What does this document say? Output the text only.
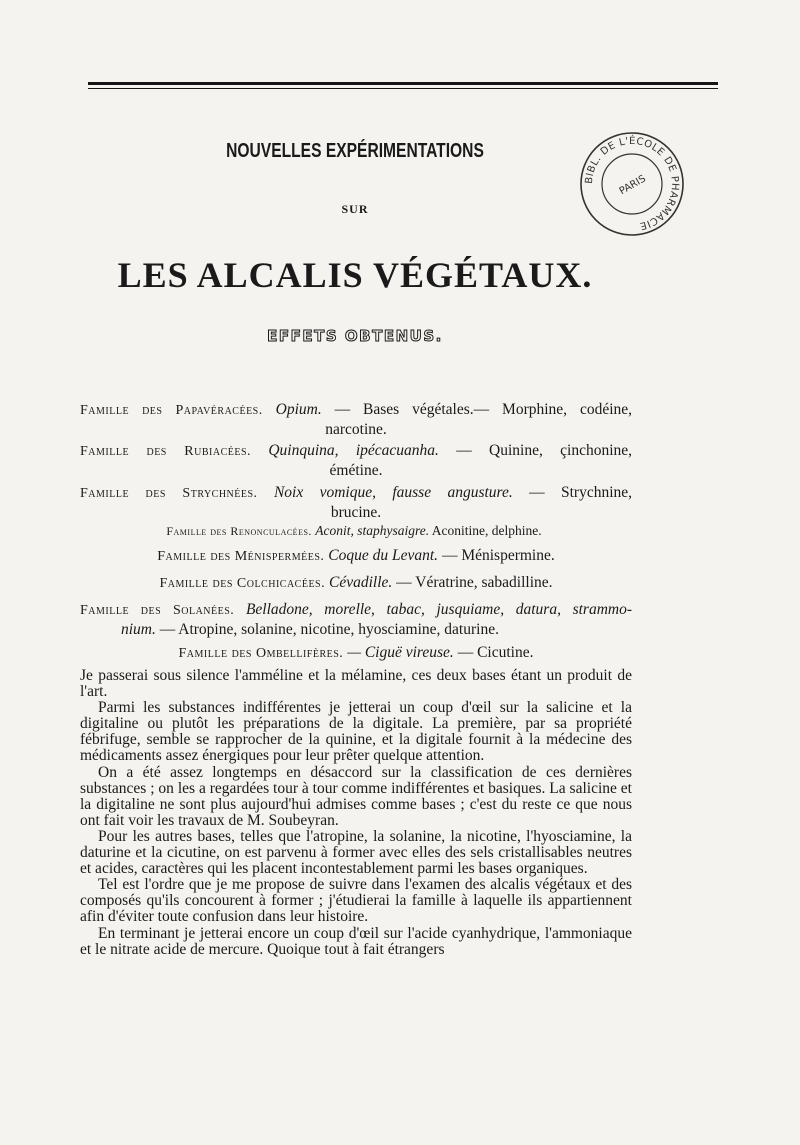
NOUVELLES EXPÉRIMENTATIONS
SUR
LES ALCALIS VÉGÉTAUX.
EFFETS OBTENUS.
BIBL. DE L'ÉCOLE DE PHARMACIE
PARIS
Famille des Papavéracées. Opium. — Bases végétales.— Morphine, codéine,
narcotine.
Famille des Rubiacées. Quinquina, ipécacuanha. — Quinine, çinchonine,
émétine.
Famille des Strychnées. Noix vomique, fausse angusture. — Strychnine,
brucine.
Famille des Renonculacées. Aconit, staphysaigre. Aconitine, delphine.
Famille des Ménispermées. Coque du Levant. — Ménispermine.
Famille des Colchicacées. Cévadille. — Vératrine, sabadilline.
Famille des Solanées. Belladone, morelle, tabac, jusquiame, datura, strammo-
nium. — Atropine, solanine, nicotine, hyosciamine, daturine.
Famille des Ombellifères. — Ciguë vireuse. — Cicutine.

Je passerai sous silence l'amméline et la mélamine, ces deux bases étant un produit de l'art.

Parmi les substances indifférentes je jetterai un coup d'œil sur la salicine et la digitaline ou plutôt les préparations de la digitale. La première, par sa propriété fébrifuge, semble se rapprocher de la quinine, et la digitale fournit à la médecine des médicaments assez énergiques pour leur prêter quelque attention.

On a été assez longtemps en désaccord sur la classification de ces dernières substances ; on les a regardées tour à tour comme indifférentes et basiques. La salicine et la digitaline ne sont plus aujourd'hui admises comme bases ; c'est du reste ce que nous ont fait voir les travaux de M. Soubeyran.

Pour les autres bases, telles que l'atropine, la solanine, la nicotine, l'hyosciamine, la daturine et la cicutine, on est parvenu à former avec elles des sels cristallisables neutres et acides, caractères qui les placent incontestablement parmi les bases organiques.

Tel est l'ordre que je me propose de suivre dans l'examen des alcalis végétaux et des composés qu'ils concourent à former ; j'étudierai la famille à laquelle ils appartiennent afin d'éviter toute confusion dans leur histoire.

En terminant je jetterai encore un coup d'œil sur l'acide cyanhydrique, l'ammoniaque et le nitrate acide de mercure. Quoique tout à fait étrangers
